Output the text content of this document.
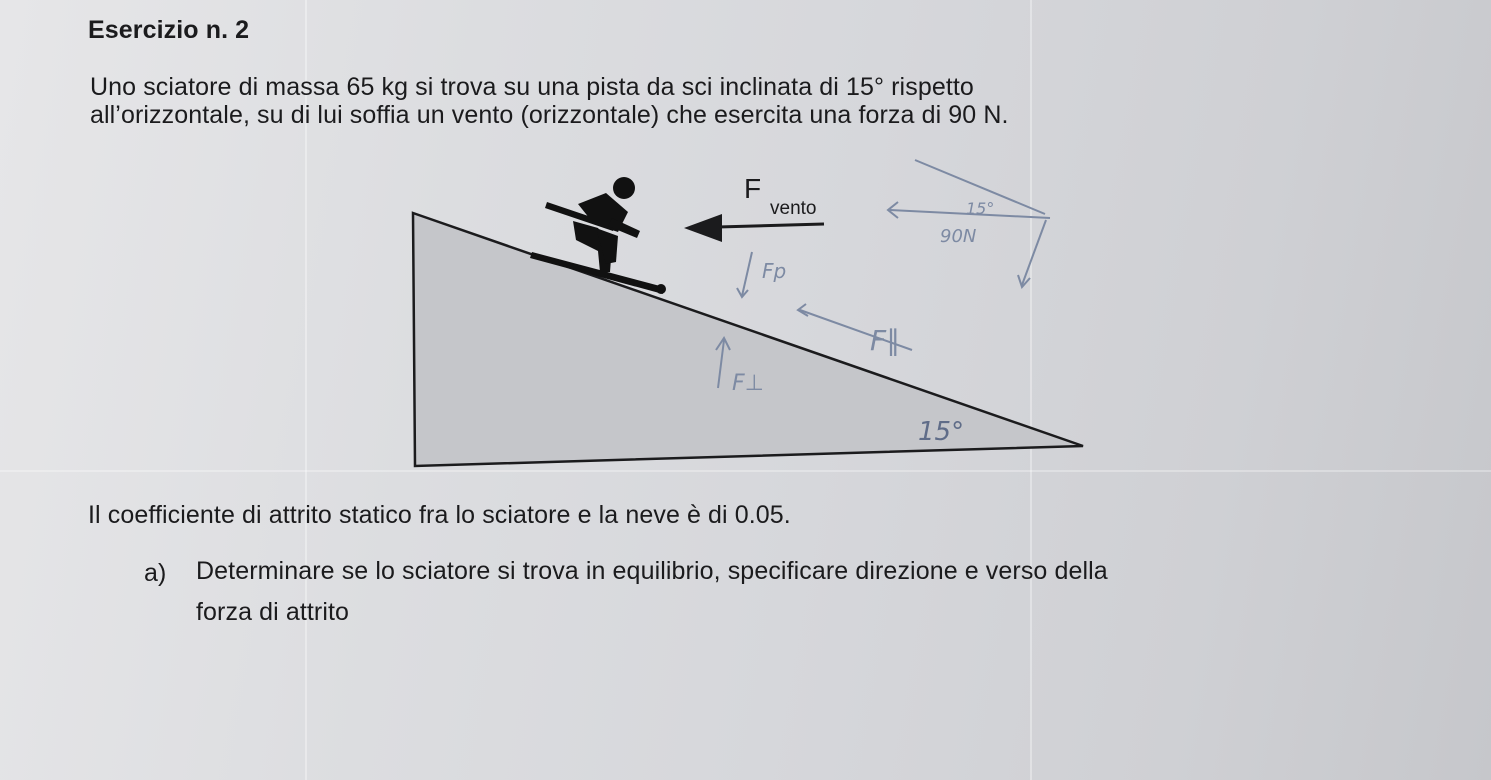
Esercizio n. 2
Uno sciatore di massa 65 kg si trova su una pista da sci inclinata di 15° rispetto
all’orizzontale, su di lui soffia un vento (orizzontale) che esercita una forza di 90 N.
F
vento
15°
Fp
F⊥
F∥
15°
90N
Il coefficiente di attrito statico fra lo sciatore e la neve è di 0.05.
a) Determinare se lo sciatore si trova in equilibrio, specificare direzione e verso della
forza di attrito
